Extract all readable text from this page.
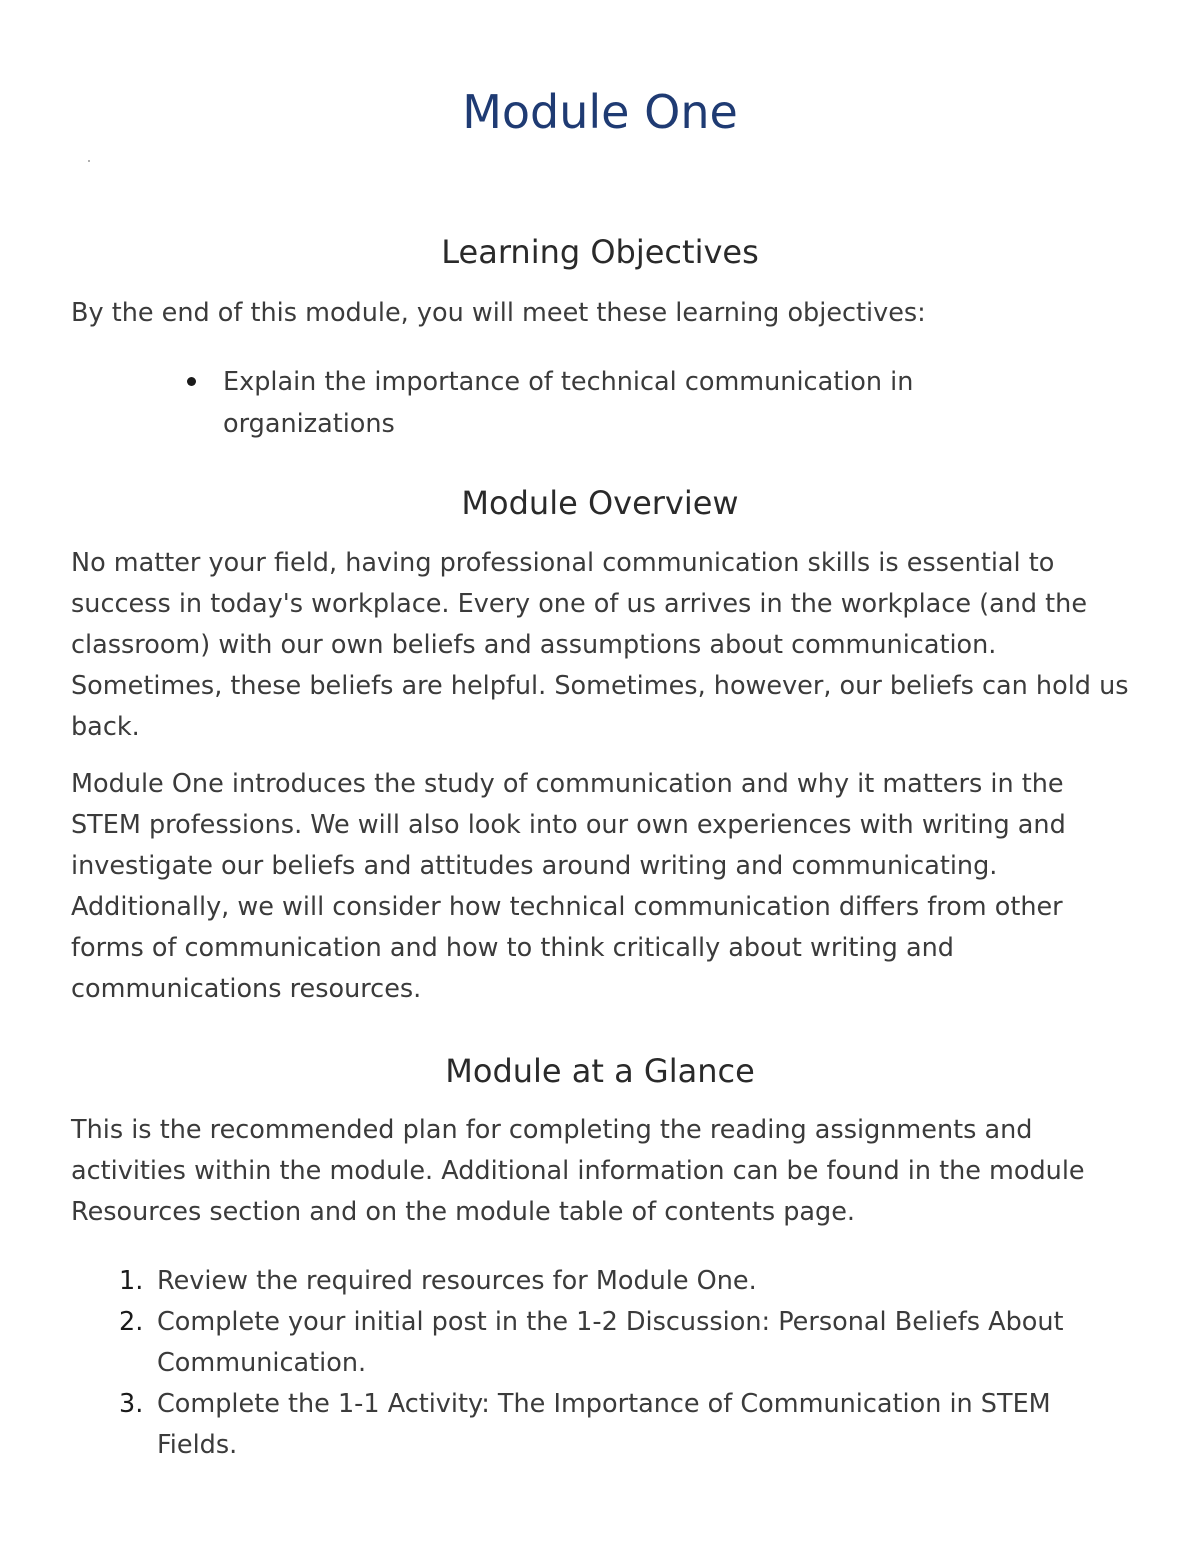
Module One
Learning Objectives

By the end of this module, you will meet these learning objectives:

Explain the importance of technical communication in organizations
Module Overview

No matter your field, having professional communication skills is essential to success in today's workplace. Every one of us arrives in the workplace (and the classroom) with our own beliefs and assumptions about communication. Sometimes, these beliefs are helpful. Sometimes, however, our beliefs can hold us back.

Module One introduces the study of communication and why it matters in the STEM professions. We will also look into our own experiences with writing and investigate our beliefs and attitudes around writing and communicating. Additionally, we will consider how technical communication differs from other forms of communication and how to think critically about writing and communications resources.

Module at a Glance

This is the recommended plan for completing the reading assignments and activities within the module. Additional information can be found in the module Resources section and on the module table of contents page.

1. Review the required resources for Module One.
2. Complete your initial post in the 1-2 Discussion: Personal Beliefs About Communication.
3. Complete the 1-1 Activity: The Importance of Communication in STEM Fields.
